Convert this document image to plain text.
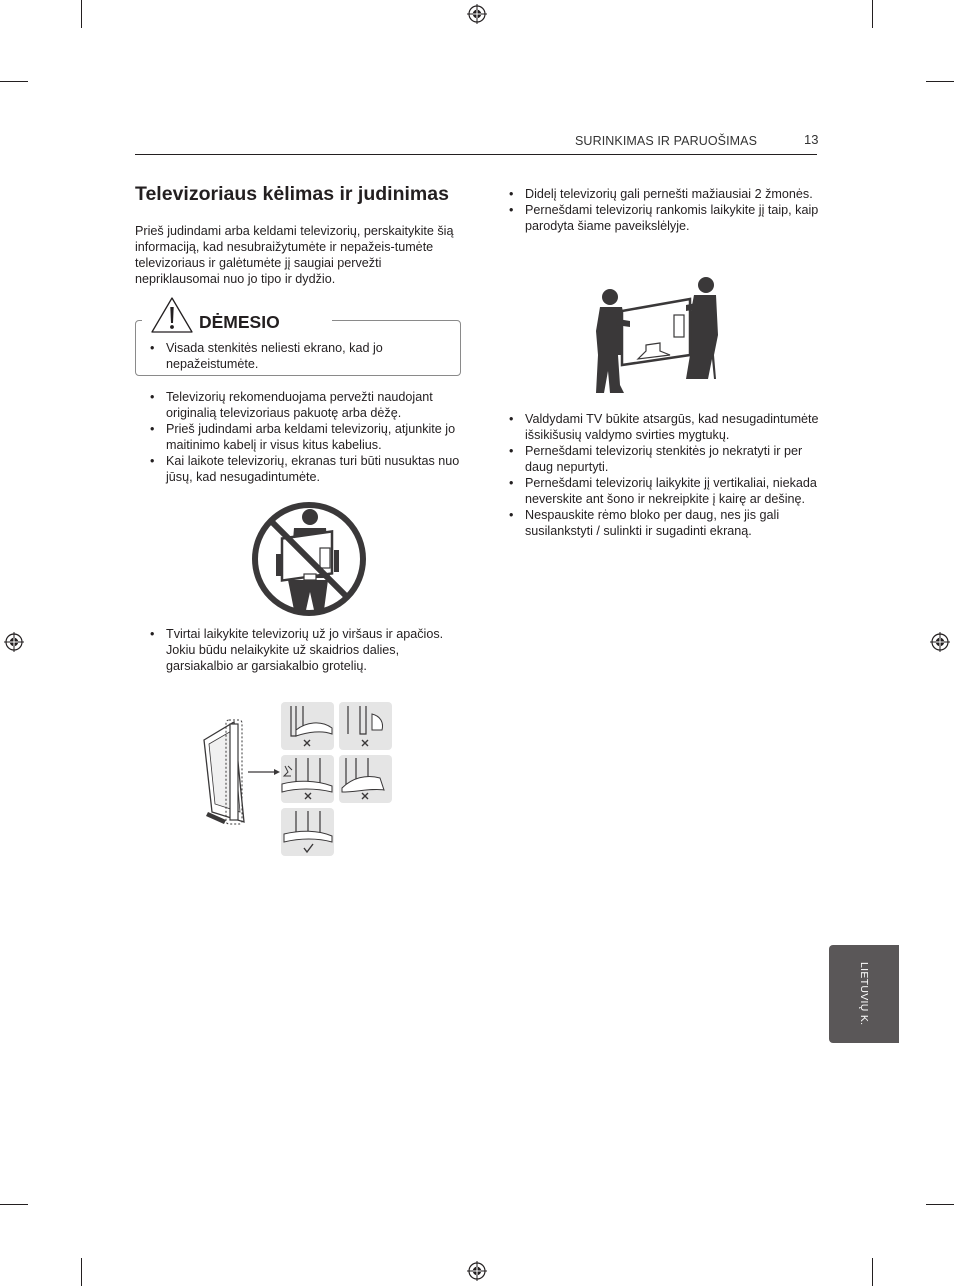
SURINKIMAS IR PARUOŠIMAS	13
Televizoriaus kėlimas ir judinimas
Prieš judindami arba keldami televizorių, perskaitykite šią informaciją, kad nesubraižytumėte ir nepažeis-tumėte televizoriaus ir galėtumėte jį saugiai pervežti nepriklausomai nuo jo tipo ir dydžio.
DĖMESIO
• Visada stenkitės neliesti ekrano, kad jo nepažeistumėte.
• Televizorių rekomenduojama pervežti naudojant originalią televizoriaus pakuotę arba dėžę.
• Prieš judindami arba keldami televizorių, atjunkite jo maitinimo kabelį ir visus kitus kabelius.
• Kai laikote televizorių, ekranas turi būti nusuktas nuo jūsų, kad nesugadintumėte.
• Tvirtai laikykite televizorių už jo viršaus ir apačios. Jokiu būdu nelaikykite už skaidrios dalies, garsiakalbio ar garsiakalbio grotelių.
• Didelį televizorių gali pernešti mažiausiai 2 žmonės.
• Pernešdami televizorių rankomis laikykite jį taip, kaip parodyta šiame paveikslėlyje.
• Valdydami TV būkite atsargūs, kad nesugadintumėte išsikišusių valdymo svirties mygtukų.
• Pernešdami televizorių stenkitės jo nekratyti ir per daug nepurtyti.
• Pernešdami televizorių laikykite jį vertikaliai, niekada neverskite ant šono ir nekreipkite į kairę ar dešinę.
• Nespauskite rėmo bloko per daug, nes jis gali susilankstyti / sulinkti ir sugadinti ekraną.
LIETUVIŲ K.
